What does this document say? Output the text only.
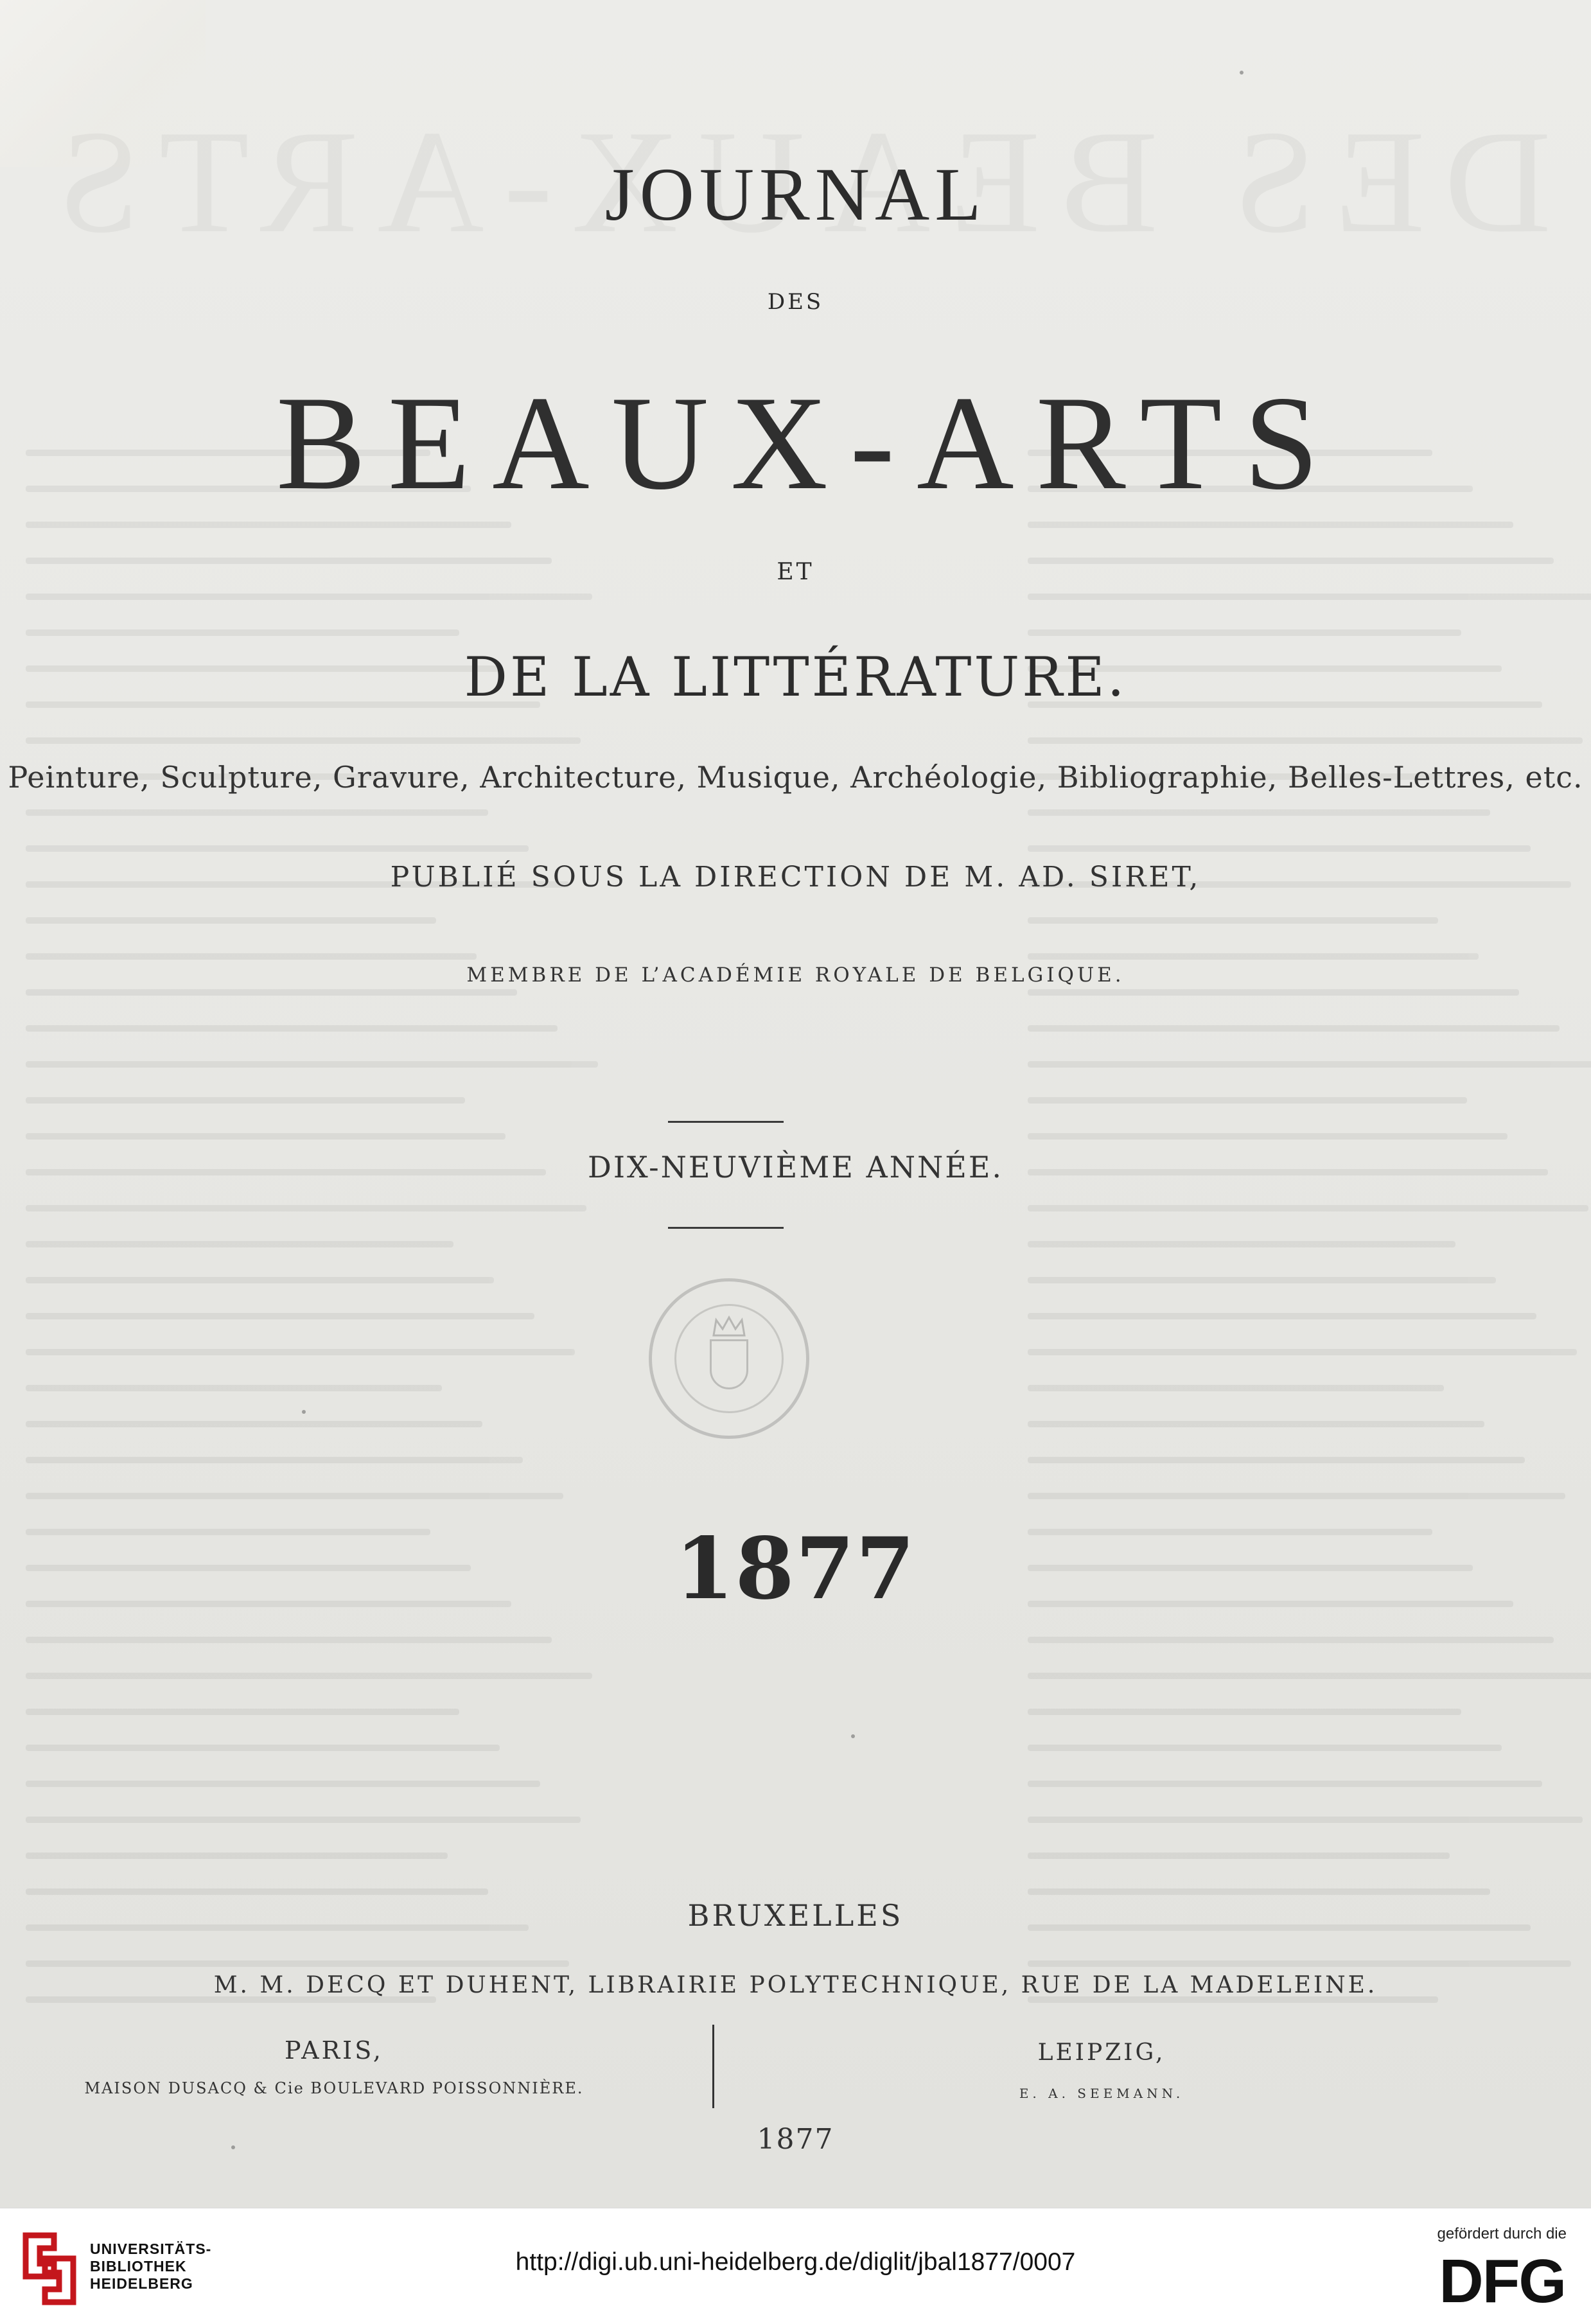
JOURNAL
DES
BEAUX-ARTS
ET
DE LA LITTÉRATURE.
Peinture, Sculpture, Gravure, Architecture, Musique, Archéologie, Bibliographie, Belles-Lettres, etc.
PUBLIÉ SOUS LA DIRECTION DE M. AD. SIRET,
MEMBRE DE L’ACADÉMIE ROYALE DE BELGIQUE.
DIX-NEUVIÈME ANNÉE.
1877
BRUXELLES
M. M. DECQ ET DUHENT, LIBRAIRIE POLYTECHNIQUE, RUE DE LA MADELEINE.
PARIS,
MAISON DUSACQ & Cie BOULEVARD POISSONNIÈRE.
LEIPZIG,
E. A. SEEMANN.
1877
UNIVERSITÄTS-
BIBLIOTHEK
HEIDELBERG
http://digi.ub.uni-heidelberg.de/diglit/jbal1877/0007
gefördert durch die
DFG
